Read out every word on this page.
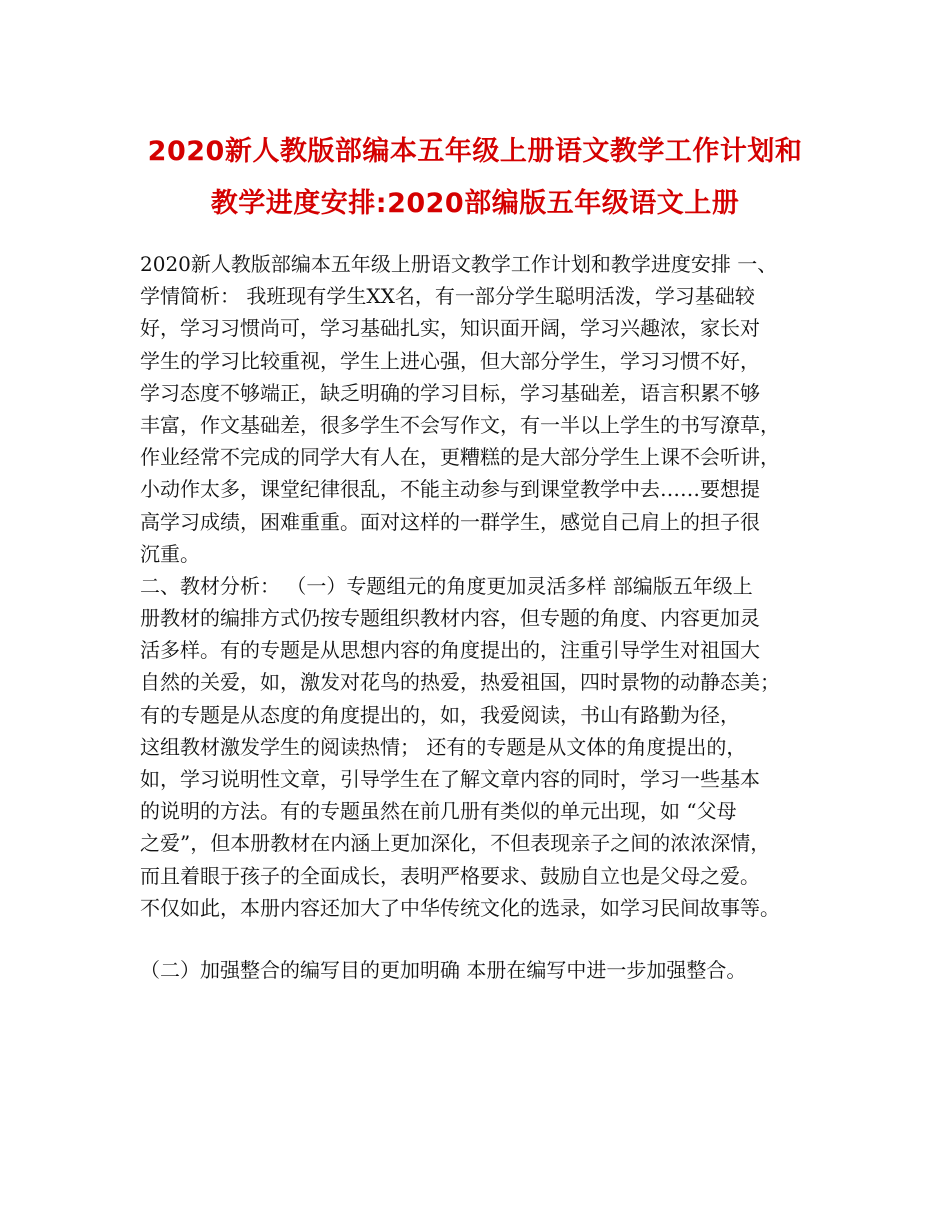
2020新人教版部编本五年级上册语文教学工作计划和
教学进度安排:2020部编版五年级语文上册
2020新人教版部编本五年级上册语文教学工作计划和教学进度安排 一、
学情简析： 我班现有学生XX名，有一部分学生聪明活泼，学习基础较
好，学习习惯尚可，学习基础扎实，知识面开阔，学习兴趣浓，家长对
学生的学习比较重视，学生上进心强，但大部分学生，学习习惯不好，
学习态度不够端正，缺乏明确的学习目标，学习基础差，语言积累不够
丰富，作文基础差，很多学生不会写作文，有一半以上学生的书写潦草，
作业经常不完成的同学大有人在，更糟糕的是大部分学生上课不会听讲，
小动作太多，课堂纪律很乱，不能主动参与到课堂教学中去……要想提
高学习成绩，困难重重。面对这样的一群学生，感觉自己肩上的担子很
沉重。
二、教材分析： （一）专题组元的角度更加灵活多样 部编版五年级上
册教材的编排方式仍按专题组织教材内容，但专题的角度、内容更加灵
活多样。有的专题是从思想内容的角度提出的，注重引导学生对祖国大
自然的关爱，如，激发对花鸟的热爱，热爱祖国，四时景物的动静态美；
有的专题是从态度的角度提出的，如，我爱阅读，书山有路勤为径，
这组教材激发学生的阅读热情； 还有的专题是从文体的角度提出的，
如，学习说明性文章，引导学生在了解文章内容的同时，学习一些基本
的说明的方法。有的专题虽然在前几册有类似的单元出现，如 “父母
之爱”，但本册教材在内涵上更加深化，不但表现亲子之间的浓浓深情，
而且着眼于孩子的全面成长，表明严格要求、鼓励自立也是父母之爱。
不仅如此，本册内容还加大了中华传统文化的选录，如学习民间故事等。
（二）加强整合的编写目的更加明确 本册在编写中进一步加强整合。
